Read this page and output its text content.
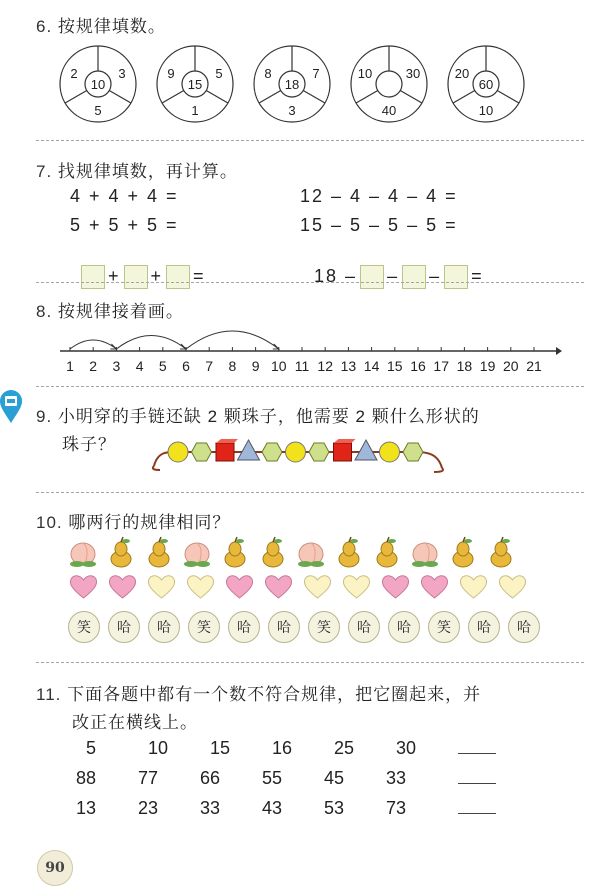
6. 按规律填数。
2	3
10
5
9	5
15
1
8	7
18
3
10	30
40
20
60
10
7. 找规律填数，再计算。
4 + 4 + 4 =
5 + 5 + 5 =

+ + =

12 – 4 – 4 – 4 =
15 – 5 – 5 – 5 =

18 – – – =

8. 按规律接着画。
1 2 3 4 5 6 7 8 9 10 11 12 13 14 15 16 17 18 19 20 21
9. 小明穿的手链还缺 2 颗珠子，他需要 2 颗什么形状的
珠子？
10. 哪两行的规律相同？
笑	哈	哈	笑	哈	哈	笑	哈	哈	笑	哈	哈
11. 下面各题中都有一个数不符合规律，把它圈起来，并
改正在横线上。
5	10 15 16 25 30
88 77 66 55 45 33
13 23 33 43 53 73
90
